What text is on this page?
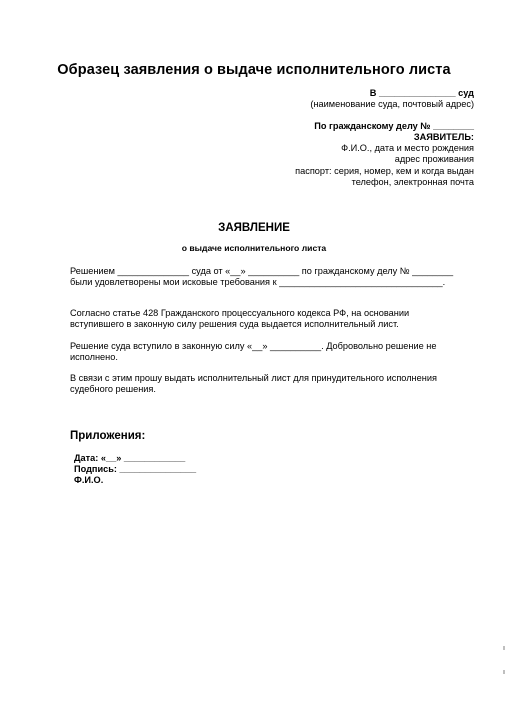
Образец заявления о выдаче исполнительного листа
В _______________ суд
(наименование суда, почтовый адрес)
По гражданскому делу № ________
ЗАЯВИТЕЛЬ:
Ф.И.О., дата и место рождения
адрес проживания
паспорт: серия, номер, кем и когда выдан
телефон, электронная почта
ЗАЯВЛЕНИЕ
о выдаче исполнительного листа
Решением ______________ суда от «__» __________ по гражданскому делу № ________
были удовлетворены мои исковые требования к ________________________________.
Согласно статье 428 Гражданского процессуального кодекса РФ, на основании
вступившего в законную силу решения суда выдается исполнительный лист.
Решение суда вступило в законную силу «__» __________. Добровольно решение не
исполнено.
В связи с этим прошу выдать исполнительный лист для принудительного исполнения
судебного решения.
Приложения:
Дата: «__» ____________
Подпись: _______________
Ф.И.О.
